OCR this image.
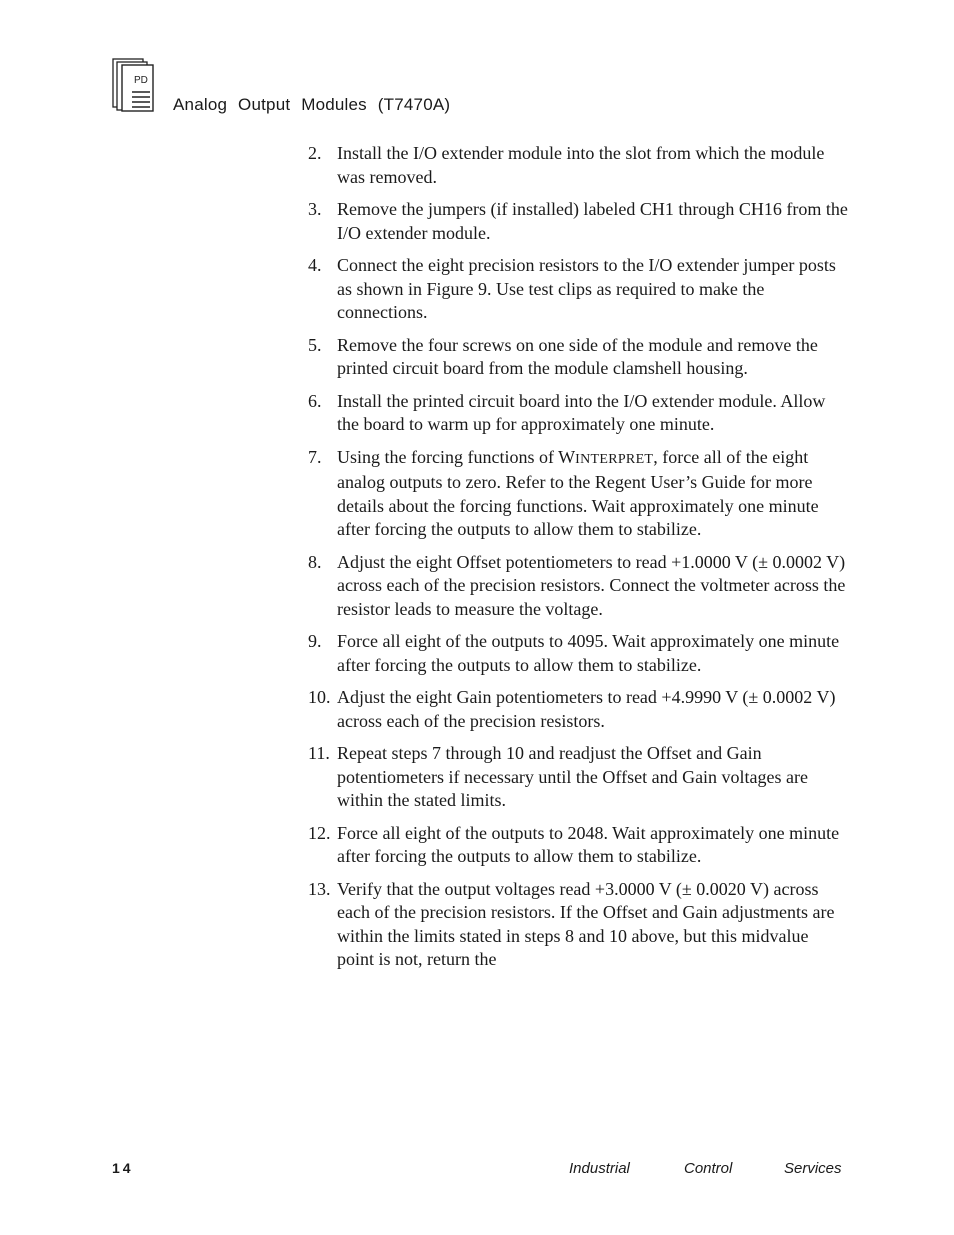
PD
Analog Output Modules (T7470A)
2. Install the I/O extender module into the slot from which the module was removed.
3. Remove the jumpers (if installed) labeled CH1 through CH16 from the I/O extender module.
4. Connect the eight precision resistors to the I/O extender jumper posts as shown in Figure 9. Use test clips as required to make the connections.
5. Remove the four screws on one side of the module and remove the printed circuit board from the module clamshell housing.
6. Install the printed circuit board into the I/O extender module. Allow the board to warm up for approximately one minute.
7. Using the forcing functions of WINTERPRET, force all of the eight analog outputs to zero. Refer to the Regent User’s Guide for more details about the forcing functions. Wait approximately one minute after forcing the outputs to allow them to stabilize.
8. Adjust the eight Offset potentiometers to read +1.0000 V (± 0.0002 V) across each of the precision resistors. Connect the voltmeter across the resistor leads to measure the voltage.
9. Force all eight of the outputs to 4095. Wait approximately one minute after forcing the outputs to allow them to stabilize.
10. Adjust the eight Gain potentiometers to read +4.9990 V (± 0.0002 V) across each of the precision resistors.
11. Repeat steps 7 through 10 and readjust the Offset and Gain potentiometers if necessary until the Offset and Gain voltages are within the stated limits.
12. Force all eight of the outputs to 2048. Wait approximately one minute after forcing the outputs to allow them to stabilize.
13. Verify that the output voltages read +3.0000 V (± 0.0020 V) across each of the precision resistors. If the Offset and Gain adjustments are within the limits stated in steps 8 and 10 above, but this midvalue point is not, return the
14	Industrial	Control	Services
